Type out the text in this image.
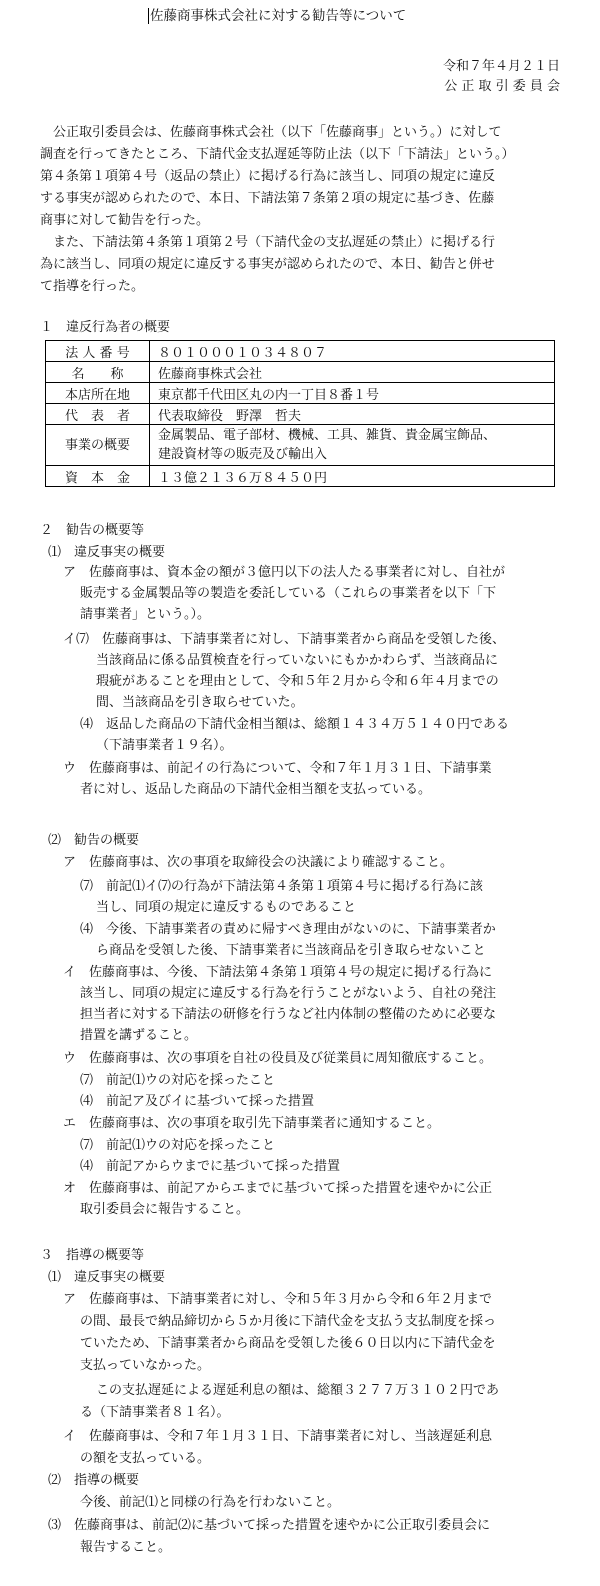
佐藤商事株式会社に対する勧告等について
令和７年４月２１日
公 正 取 引 委 員 会
　公正取引委員会は、佐藤商事株式会社（以下「佐藤商事」という。）に対して
調査を行ってきたところ、下請代金支払遅延等防止法（以下「下請法」という。）
第４条第１項第４号（返品の禁止）に掲げる行為に該当し、同項の規定に違反
する事実が認められたので、本日、下請法第７条第２項の規定に基づき、佐藤
商事に対して勧告を行った。
　また、下請法第４条第１項第２号（下請代金の支払遅延の禁止）に掲げる行
為に該当し、同項の規定に違反する事実が認められたので、本日、勧告と併せ
て指導を行った。
１　違反行為者の概要
法 人 番 号	８０１０００１０３４８０７
名　　称	佐藤商事株式会社
本店所在地	東京都千代田区丸の内一丁目８番１号
代　表　者	代表取締役　野澤　哲夫
事業の概要	金属製品、電子部材、機械、工具、雑貨、貴金属宝飾品、
建設資材等の販売及び輸出入

資　本　金	１３億２１３６万８４５０円
２　勧告の概要等
⑴　違反事実の概要
ア　佐藤商事は、資本金の額が３億円以下の法人たる事業者に対し、自社が
販売する金属製品等の製造を委託している（これらの事業者を以下「下
請事業者」という。）。
イ⑺　佐藤商事は、下請事業者に対し、下請事業者から商品を受領した後、
当該商品に係る品質検査を行っていないにもかかわらず、当該商品に
瑕疵があることを理由として、令和５年２月から令和６年４月までの
間、当該商品を引き取らせていた。
⑷　返品した商品の下請代金相当額は、総額１４３４万５１４０円である
（下請事業者１９名）。
ウ　佐藤商事は、前記イの行為について、令和７年１月３１日、下請事業
者に対し、返品した商品の下請代金相当額を支払っている。
⑵　勧告の概要
ア　佐藤商事は、次の事項を取締役会の決議により確認すること。
⑺　前記⑴イ⑺の行為が下請法第４条第１項第４号に掲げる行為に該
当し、同項の規定に違反するものであること
⑷　今後、下請事業者の責めに帰すべき理由がないのに、下請事業者か
ら商品を受領した後、下請事業者に当該商品を引き取らせないこと
イ　佐藤商事は、今後、下請法第４条第１項第４号の規定に掲げる行為に
該当し、同項の規定に違反する行為を行うことがないよう、自社の発注
担当者に対する下請法の研修を行うなど社内体制の整備のために必要な
措置を講ずること。
ウ　佐藤商事は、次の事項を自社の役員及び従業員に周知徹底すること。
⑺　前記⑴ウの対応を採ったこと
⑷　前記ア及びイに基づいて採った措置
エ　佐藤商事は、次の事項を取引先下請事業者に通知すること。
⑺　前記⑴ウの対応を採ったこと
⑷　前記アからウまでに基づいて採った措置
オ　佐藤商事は、前記アからエまでに基づいて採った措置を速やかに公正
取引委員会に報告すること。
３　指導の概要等
⑴　違反事実の概要
ア　佐藤商事は、下請事業者に対し、令和５年３月から令和６年２月まで
の間、最長で納品締切から５か月後に下請代金を支払う支払制度を採っ
ていたため、下請事業者から商品を受領した後６０日以内に下請代金を
支払っていなかった。
この支払遅延による遅延利息の額は、総額３２７７万３１０２円であ
る（下請事業者８１名）。
イ　佐藤商事は、令和７年１月３１日、下請事業者に対し、当該遅延利息
の額を支払っている。
⑵　指導の概要
今後、前記⑴と同様の行為を行わないこと。
⑶　佐藤商事は、前記⑵に基づいて採った措置を速やかに公正取引委員会に
報告すること。
